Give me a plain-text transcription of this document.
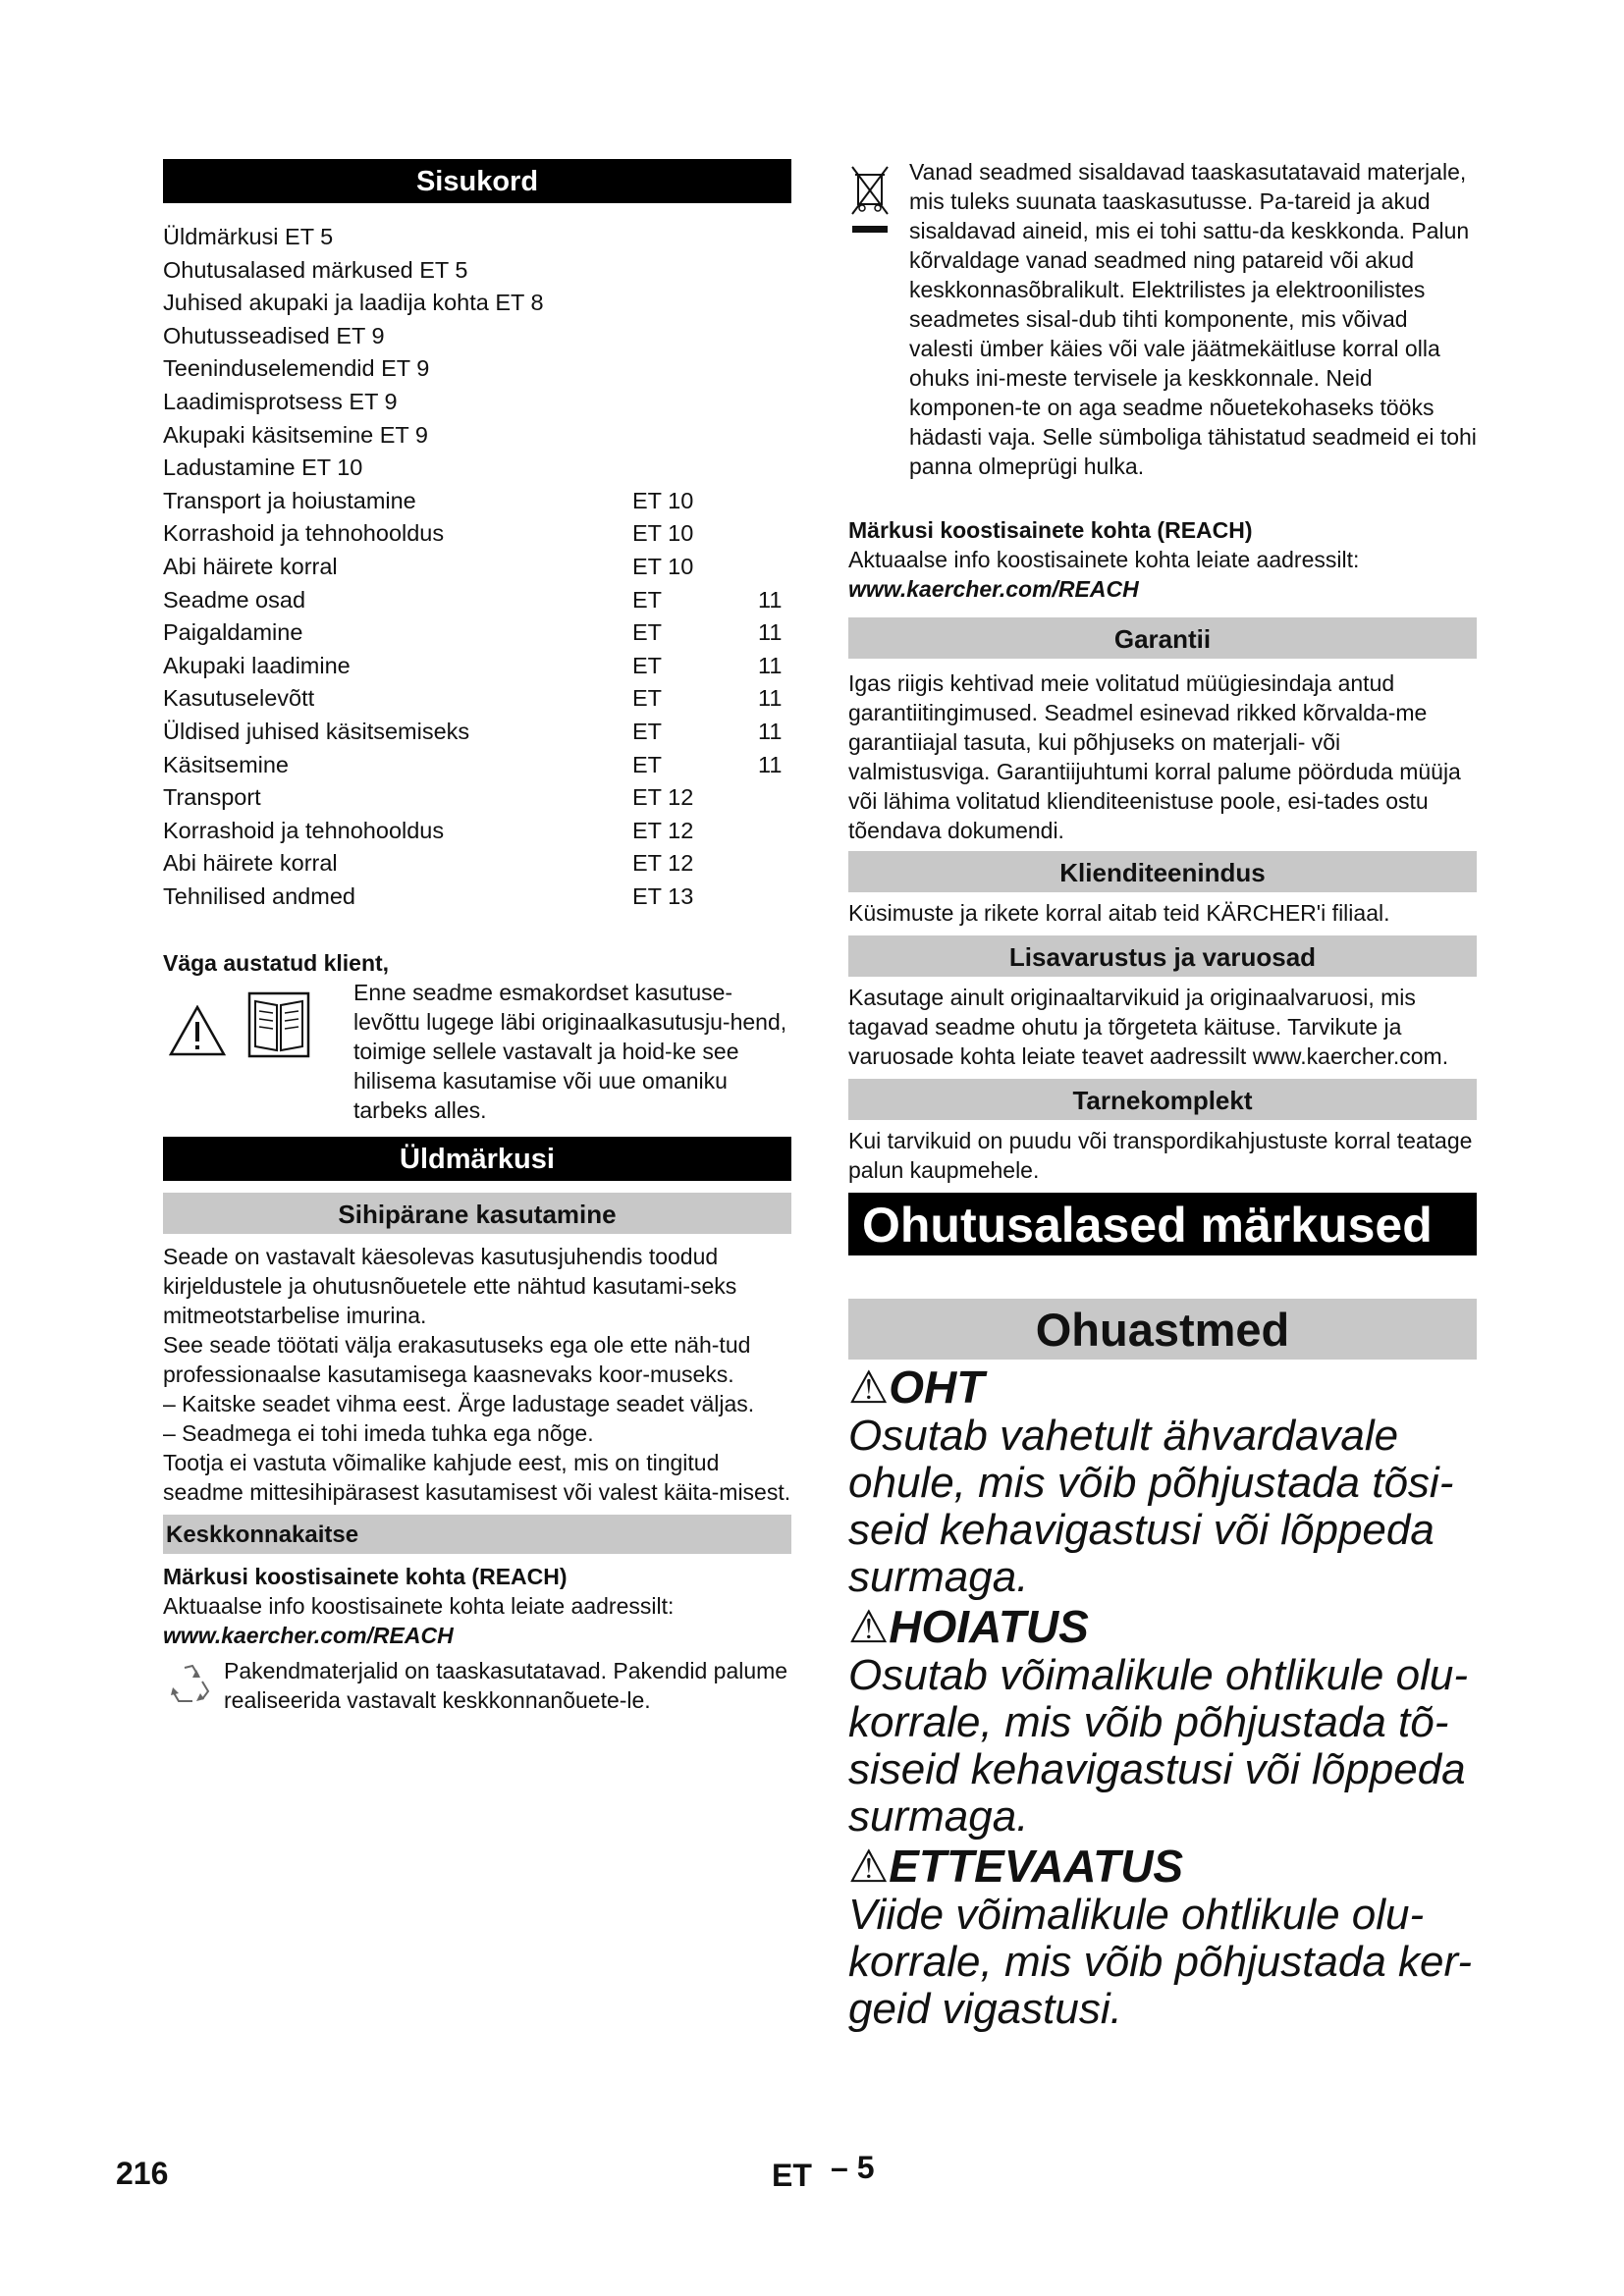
Sisukord
Üldmärkusi ET 5
Ohutusalased märkused ET 5
Juhised akupaki ja laadija kohta ET 8
Ohutusseadised ET 9
Teeninduselemendid ET 9
Laadimisprotsess ET 9
Akupaki käsitsemine ET 9
Ladustamine ET 10
Transport ja hoiustamine	ET 10
Korrashoid ja tehnohooldus	ET 10
Abi häirete korral	ET 10
Seadme osad	ET	11
Paigaldamine	ET	11
Akupaki laadimine	ET	11
Kasutuselevõtt	ET	11
Üldised juhised käsitsemiseks	ET	11
Käsitsemine	ET	11
Transport	ET 12
Korrashoid ja tehnohooldus	ET 12
Abi häirete korral	ET 12
Tehnilised andmed	ET 13
Väga austatud klient,
Enne seadme esmakordset kasutuse-levõttu lugege läbi originaalkasutusju-hend, toimige sellele vastavalt ja hoid-ke see hilisema kasutamise või uue omaniku tarbeks alles.
Üldmärkusi
Sihipärane kasutamine
Seade on vastavalt käesolevas kasutusjuhendis toodud kirjeldustele ja ohutusnõuetele ette nähtud kasutami-seks mitmeotstarbelise imurina.
See seade töötati välja erakasutuseks ega ole ette näh-tud professionaalse kasutamisega kaasnevaks koor-museks.
– Kaitske seadet vihma eest. Ärge ladustage seadet väljas.
– Seadmega ei tohi imeda tuhka ega nõge.
Tootja ei vastuta võimalike kahjude eest, mis on tingitud seadme mittesihipärasest kasutamisest või valest käita-misest.
Keskkonnakaitse
Märkusi koostisainete kohta (REACH)
Aktuaalse info koostisainete kohta leiate aadressilt:
www.kaercher.com/REACH
Pakendmaterjalid on taaskasutatavad. Pakendid palume realiseerida vastavalt keskkonnanõuete-le.
Vanad seadmed sisaldavad taaskasutatavaid materjale, mis tuleks suunata taaskasutusse. Pa-tareid ja akud sisaldavad aineid, mis ei tohi sattu-da keskkonda. Palun kõrvaldage vanad seadmed ning patareid või akud keskkonnasõbralikult. Elektrilistes ja elektroonilistes seadmetes sisal-dub tihti komponente, mis võivad valesti ümber käies või vale jäätmekäitluse korral olla ohuks ini-meste tervisele ja keskkonnale. Neid komponen-te on aga seadme nõuetekohaseks tööks hädasti vaja. Selle sümboliga tähistatud seadmeid ei tohi panna olmeprügi hulka.
Märkusi koostisainete kohta (REACH)
Aktuaalse info koostisainete kohta leiate aadressilt:
www.kaercher.com/REACH
Garantii
Igas riigis kehtivad meie volitatud müügiesindaja antud garantiitingimused. Seadmel esinevad rikked kõrvalda-me garantiiajal tasuta, kui põhjuseks on materjali- või valmistusviga. Garantiijuhtumi korral palume pöörduda müüja või lähima volitatud klienditeenistuse poole, esi-tades ostu tõendava dokumendi.
Klienditeenindus
Küsimuste ja rikete korral aitab teid KÄRCHER'i filiaal.
Lisavarustus ja varuosad
Kasutage ainult originaaltarvikuid ja originaalvaruosi, mis tagavad seadme ohutu ja tõrgeteta käituse. Tarvikute ja varuosade kohta leiate teavet aadressilt www.kaercher.com.
Tarnekomplekt
Kui tarvikuid on puudu või transpordikahjustuste korral teatage palun kaupmehele.
Ohutusalased märkused
Ohuastmed
⚠OHT
Osutab vahetult ähvardavale ohule, mis võib põhjustada tõsi-seid kehavigastusi või lõppeda surmaga.
⚠HOIATUS
Osutab võimalikule ohtlikule olu-korrale, mis võib põhjustada tõ-siseid kehavigastusi või lõppeda surmaga.
⚠ETTEVAATUS
Viide võimalikule ohtlikule olu-korrale, mis võib põhjustada ker-geid vigastusi.
216	ET – 5
